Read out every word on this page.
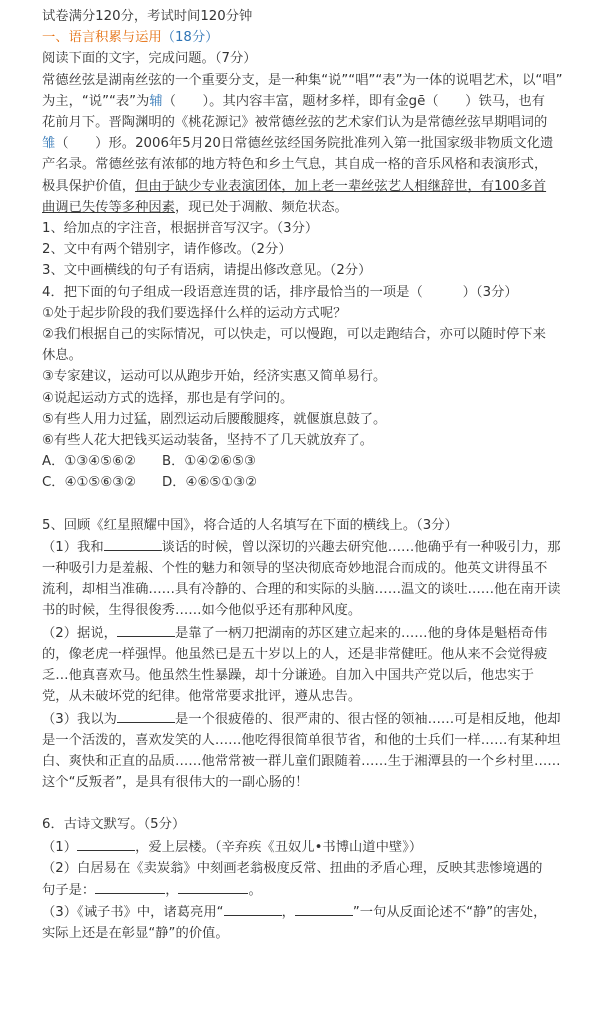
试卷满分120分，考试时间120分钟

一、语言积累与运用（18分）

阅读下面的文字，完成问题。（7分）

常德丝弦是湖南丝弦的一个重要分支，是一种集“说”“唱”“表”为一体的说唱艺术，以“唱”

为主，“说”“表”为辅（　　）。其内容丰富，题材多样，即有金gē（　　）铁马，也有

花前月下。晋陶渊明的《桃花源记》被常德丝弦的艺术家们认为是常德丝弦早期唱词的

雏（　　）形。2006年5月20日常德丝弦经国务院批准列入第一批国家级非物质文化遗

产名录。常德丝弦有浓郁的地方特色和乡土气息，其自成一格的音乐风格和表演形式，

极具保护价值，但由于缺少专业表演团体，加上老一辈丝弦艺人相继辞世，有100多首

曲调已失传等多种因素，现已处于凋敝、频危状态。

1、给加点的字注音，根据拼音写汉字。（3分）

2、文中有两个错别字，请作修改。（2分）

3、文中画横线的句子有语病，请提出修改意见。（2分）

4．把下面的句子组成一段语意连贯的话，排序最恰当的一项是（　　　）（3分）

①处于起步阶段的我们要选择什么样的运动方式呢？

②我们根据自己的实际情况，可以快走，可以慢跑，可以走跑结合，亦可以随时停下来

休息。

③专家建议，运动可以从跑步开始，经济实惠又简单易行。

④说起运动方式的选择，那也是有学问的。

⑤有些人用力过猛，剧烈运动后腰酸腿疼，就偃旗息鼓了。

⑥有些人花大把钱买运动装备，坚持不了几天就放弃了。

A．①③④⑤⑥②	B．①④②⑥⑤③

C．④①⑤⑥③②	D．④⑥⑤①③②

5、回顾《红星照耀中国》，将合适的人名填写在下面的横线上。（3分）

（1）我和	谈话的时候，曾以深切的兴趣去研究他……他确乎有一种吸引力，那

一种吸引力是羞赧、个性的魅力和领导的坚决彻底奇妙地混合而成的。他英文讲得虽不

流利，却相当准确……具有冷静的、合理的和实际的头脑……温文的谈吐……他在南开读

书的时候，生得很俊秀……如今他似乎还有那种风度。

（2）据说，	是靠了一柄刀把湖南的苏区建立起来的……他的身体是魁梧奇伟

的，像老虎一样强悍。他虽然已是五十岁以上的人，还是非常健旺。他从来不会觉得疲

乏…他真喜欢马。他虽然生性暴躁，却十分谦逊。自加入中国共产党以后，他忠实于

党，从未破坏党的纪律。他常常要求批评，遵从忠告。

（3）我以为	是一个很疲倦的、很严肃的、很古怪的领袖……可是相反地，他却

是一个活泼的，喜欢发笑的人……他吃得很简单很节省，和他的士兵们一样……有某种坦

白、爽快和正直的品质……他常常被一群儿童们跟随着……生于湘潭县的一个乡村里……

这个“反叛者”，是具有很伟大的一副心肠的！

6．古诗文默写。（5分）

（1）	，爱上层楼。（辛弃疾《丑奴儿•书博山道中壁》）

（2）白居易在《卖炭翁》中刻画老翁极度反常、扭曲的矛盾心理，反映其悲惨境遇的

句子是：	，	。

（3）《诫子书》中，诸葛亮用“	，	”一句从反面论述不“静”的害处，

实际上还是在彰显“静”的价值。
